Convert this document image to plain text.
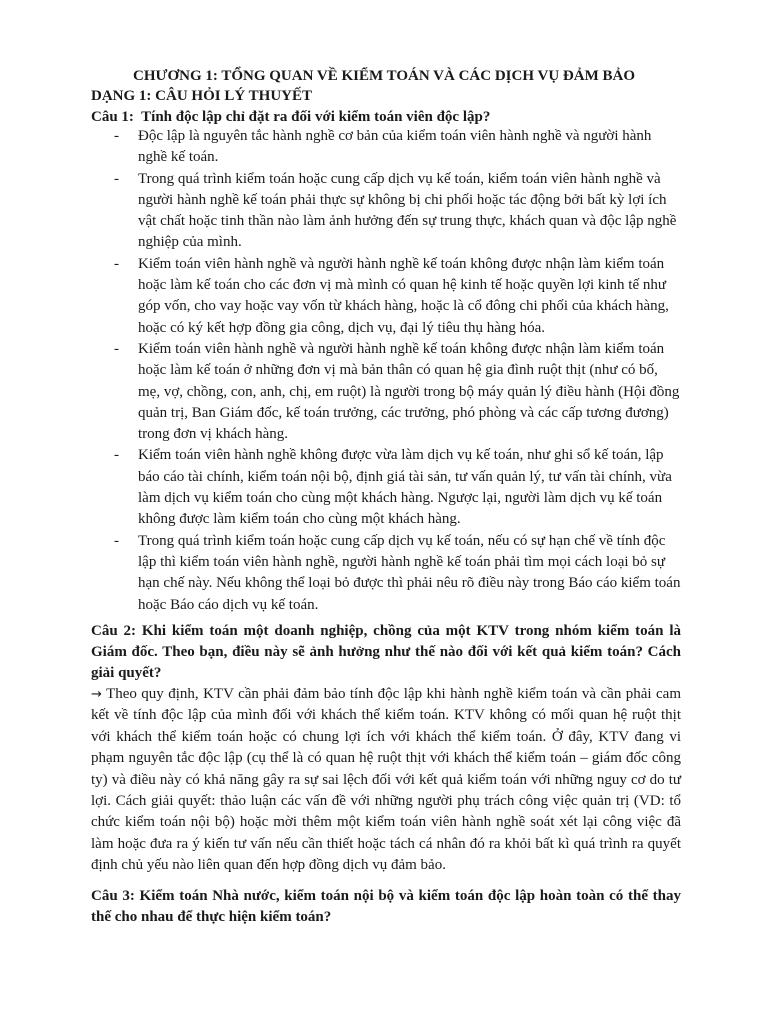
CHƯƠNG 1: TỔNG QUAN VỀ KIỂM TOÁN VÀ CÁC DỊCH VỤ ĐẢM BẢO
DẠNG 1: CÂU HỎI LÝ THUYẾT
Câu 1:  Tính độc lập chỉ đặt ra đối với kiểm toán viên độc lập?

- Độc lập là nguyên tắc hành nghề cơ bản của kiểm toán viên hành nghề và người hành nghề kế toán.

- Trong quá trình kiểm toán hoặc cung cấp dịch vụ kế toán, kiểm toán viên hành nghề và người hành nghề kế toán phải thực sự không bị chi phối hoặc tác động bởi bất kỳ lợi ích vật chất hoặc tinh thần nào làm ảnh hưởng đến sự trung thực, khách quan và độc lập nghề nghiệp của mình.

- Kiểm toán viên hành nghề và người hành nghề kế toán không được nhận làm kiểm toán hoặc làm kế toán cho các đơn vị mà mình có quan hệ kinh tế hoặc quyền lợi kinh tế như góp vốn, cho vay hoặc vay vốn từ khách hàng, hoặc là cổ đông chi phối của khách hàng, hoặc có ký kết hợp đồng gia công, dịch vụ, đại lý tiêu thụ hàng hóa.

- Kiểm toán viên hành nghề và người hành nghề kế toán không được nhận làm kiểm toán hoặc làm kế toán ở những đơn vị mà bản thân có quan hệ gia đình ruột thịt (như có bố, mẹ, vợ, chồng, con, anh, chị, em ruột) là người trong bộ máy quản lý điều hành (Hội đồng quản trị, Ban Giám đốc, kế toán trưởng, các trưởng, phó phòng và các cấp tương đương) trong đơn vị khách hàng.

- Kiểm toán viên hành nghề không được vừa làm dịch vụ kế toán, như ghi sổ kế toán, lập báo cáo tài chính, kiểm toán nội bộ, định giá tài sản, tư vấn quản lý, tư vấn tài chính, vừa làm dịch vụ kiểm toán cho cùng một khách hàng. Ngược lại, người làm dịch vụ kế toán không được làm kiểm toán cho cùng một khách hàng.

- Trong quá trình kiểm toán hoặc cung cấp dịch vụ kế toán, nếu có sự hạn chế về tính độc lập thì kiểm toán viên hành nghề, người hành nghề kế toán phải tìm mọi cách loại bỏ sự hạn chế này. Nếu không thể loại bỏ được thì phải nêu rõ điều này trong Báo cáo kiểm toán hoặc Báo cáo dịch vụ kế toán.

Câu 2: Khi kiểm toán một doanh nghiệp, chồng của một KTV trong nhóm kiểm toán là Giám đốc. Theo bạn, điều này sẽ ảnh hưởng như thế nào đối với kết quả kiểm toán? Cách giải quyết?
→ Theo quy định, KTV cần phải đảm bảo tính độc lập khi hành nghề kiểm toán và cần phải cam kết về tính độc lập của mình đối với khách thể kiểm toán. KTV không có mối quan hệ ruột thịt với khách thể kiểm toán hoặc có chung lợi ích với khách thể kiểm toán. Ở đây, KTV đang vi phạm nguyên tắc độc lập (cụ thể là có quan hệ ruột thịt với khách thể kiểm toán – giám đốc công ty) và điều này có khả năng gây ra sự sai lệch đối với kết quả kiểm toán với những nguy cơ do tư lợi. Cách giải quyết: thảo luận các vấn đề với những người phụ trách công việc quản trị (VD: tổ chức kiểm toán nội bộ) hoặc mời thêm một kiểm toán viên hành nghề soát xét lại công việc đã làm hoặc đưa ra ý kiến tư vấn nếu cần thiết hoặc tách cá nhân đó ra khỏi bất kì quá trình ra quyết định chủ yếu nào liên quan đến hợp đồng dịch vụ đảm bảo.
Câu 3: Kiểm toán Nhà nước, kiểm toán nội bộ và kiểm toán độc lập hoàn toàn có thể thay thế cho nhau để thực hiện kiểm toán?
